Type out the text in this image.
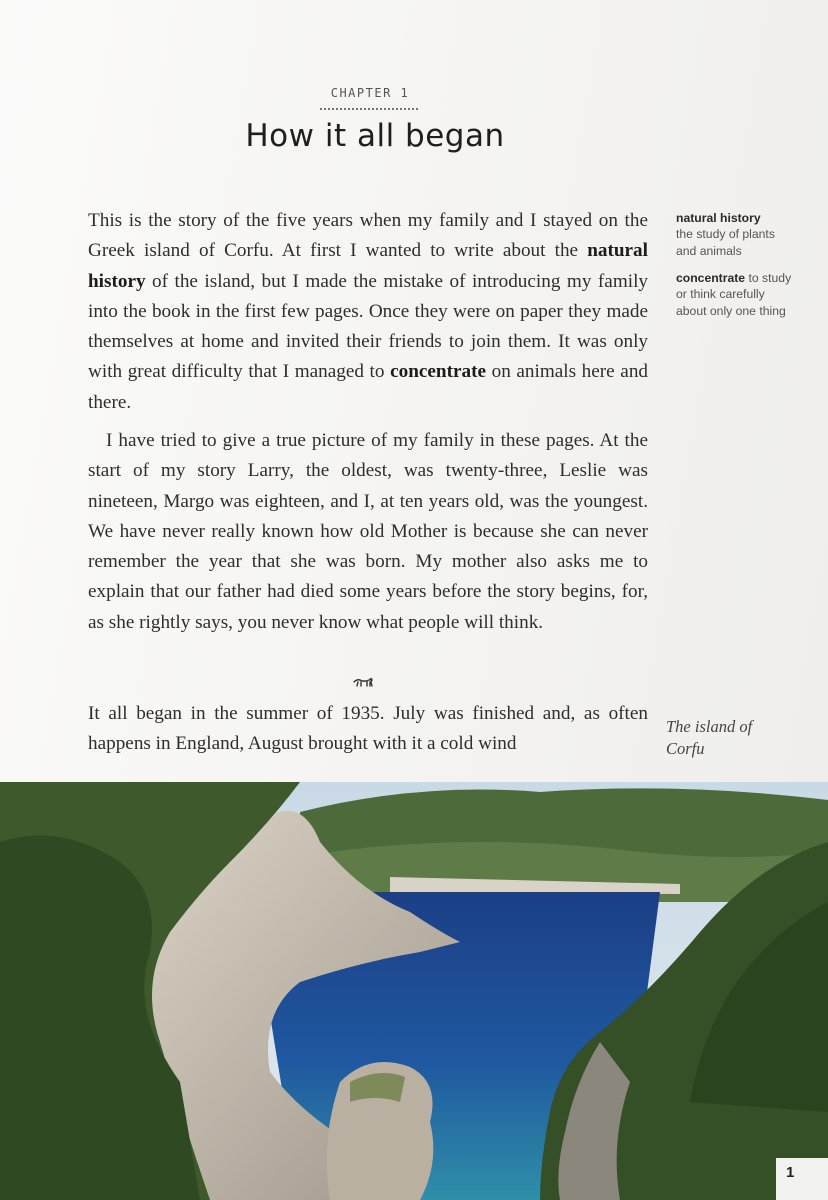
CHAPTER 1
How it all began

This is the story of the five years when my family and I stayed on the Greek island of Corfu. At first I wanted to write about the natural history of the island, but I made the mistake of introducing my family into the book in the first few pages. Once they were on paper they made themselves at home and invited their friends to join them. It was only with great difficulty that I managed to concentrate on animals here and there.

I have tried to give a true picture of my family in these pages. At the start of my story Larry, the oldest, was twenty-three, Leslie was nineteen, Margo was eighteen, and I, at ten years old, was the youngest. We have never really known how old Mother is because she can never remember the year that she was born. My mother also asks me to explain that our father had died some years before the story begins, for, as she rightly says, you never know what people will think.

It all began in the summer of 1935. July was finished and, as often happens in England, August brought with it a cold wind

natural history
the study of plants and animals
concentrate to study or think carefully about only one thing
The island of Corfu
1
